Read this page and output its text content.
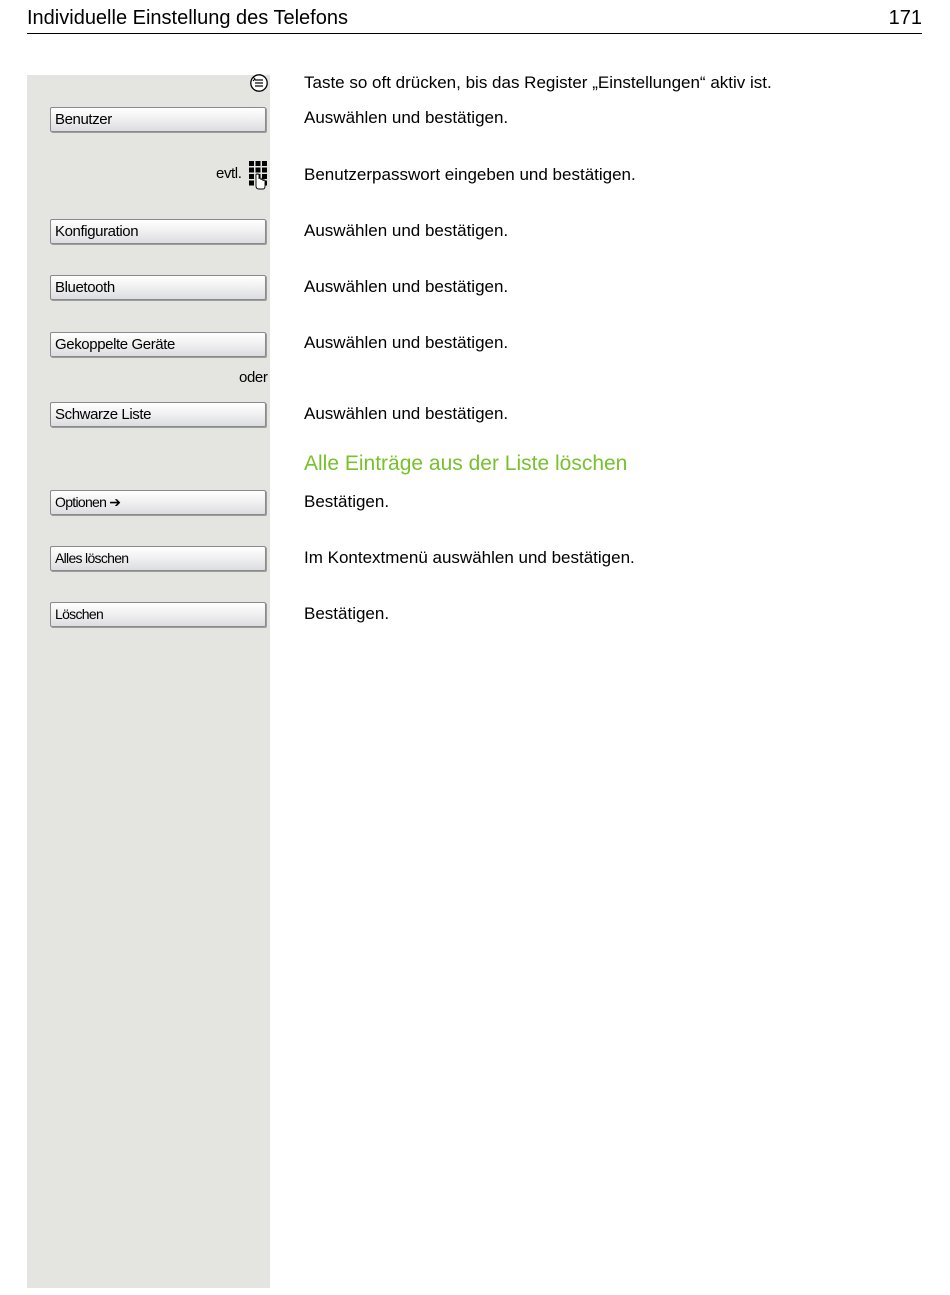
Individuelle Einstellung des Telefons	171
Benutzer
evtl.
Konfiguration
Bluetooth
Gekoppelte Geräte
oder
Schwarze Liste
Optionen ➔
Alles löschen
Löschen
Taste so oft drücken, bis das Register „Einstellungen“ aktiv ist.
Auswählen und bestätigen.
Benutzerpasswort eingeben und bestätigen.
Auswählen und bestätigen.
Auswählen und bestätigen.
Auswählen und bestätigen.
Auswählen und bestätigen.
Alle Einträge aus der Liste löschen
Bestätigen.
Im Kontextmenü auswählen und bestätigen.
Bestätigen.
